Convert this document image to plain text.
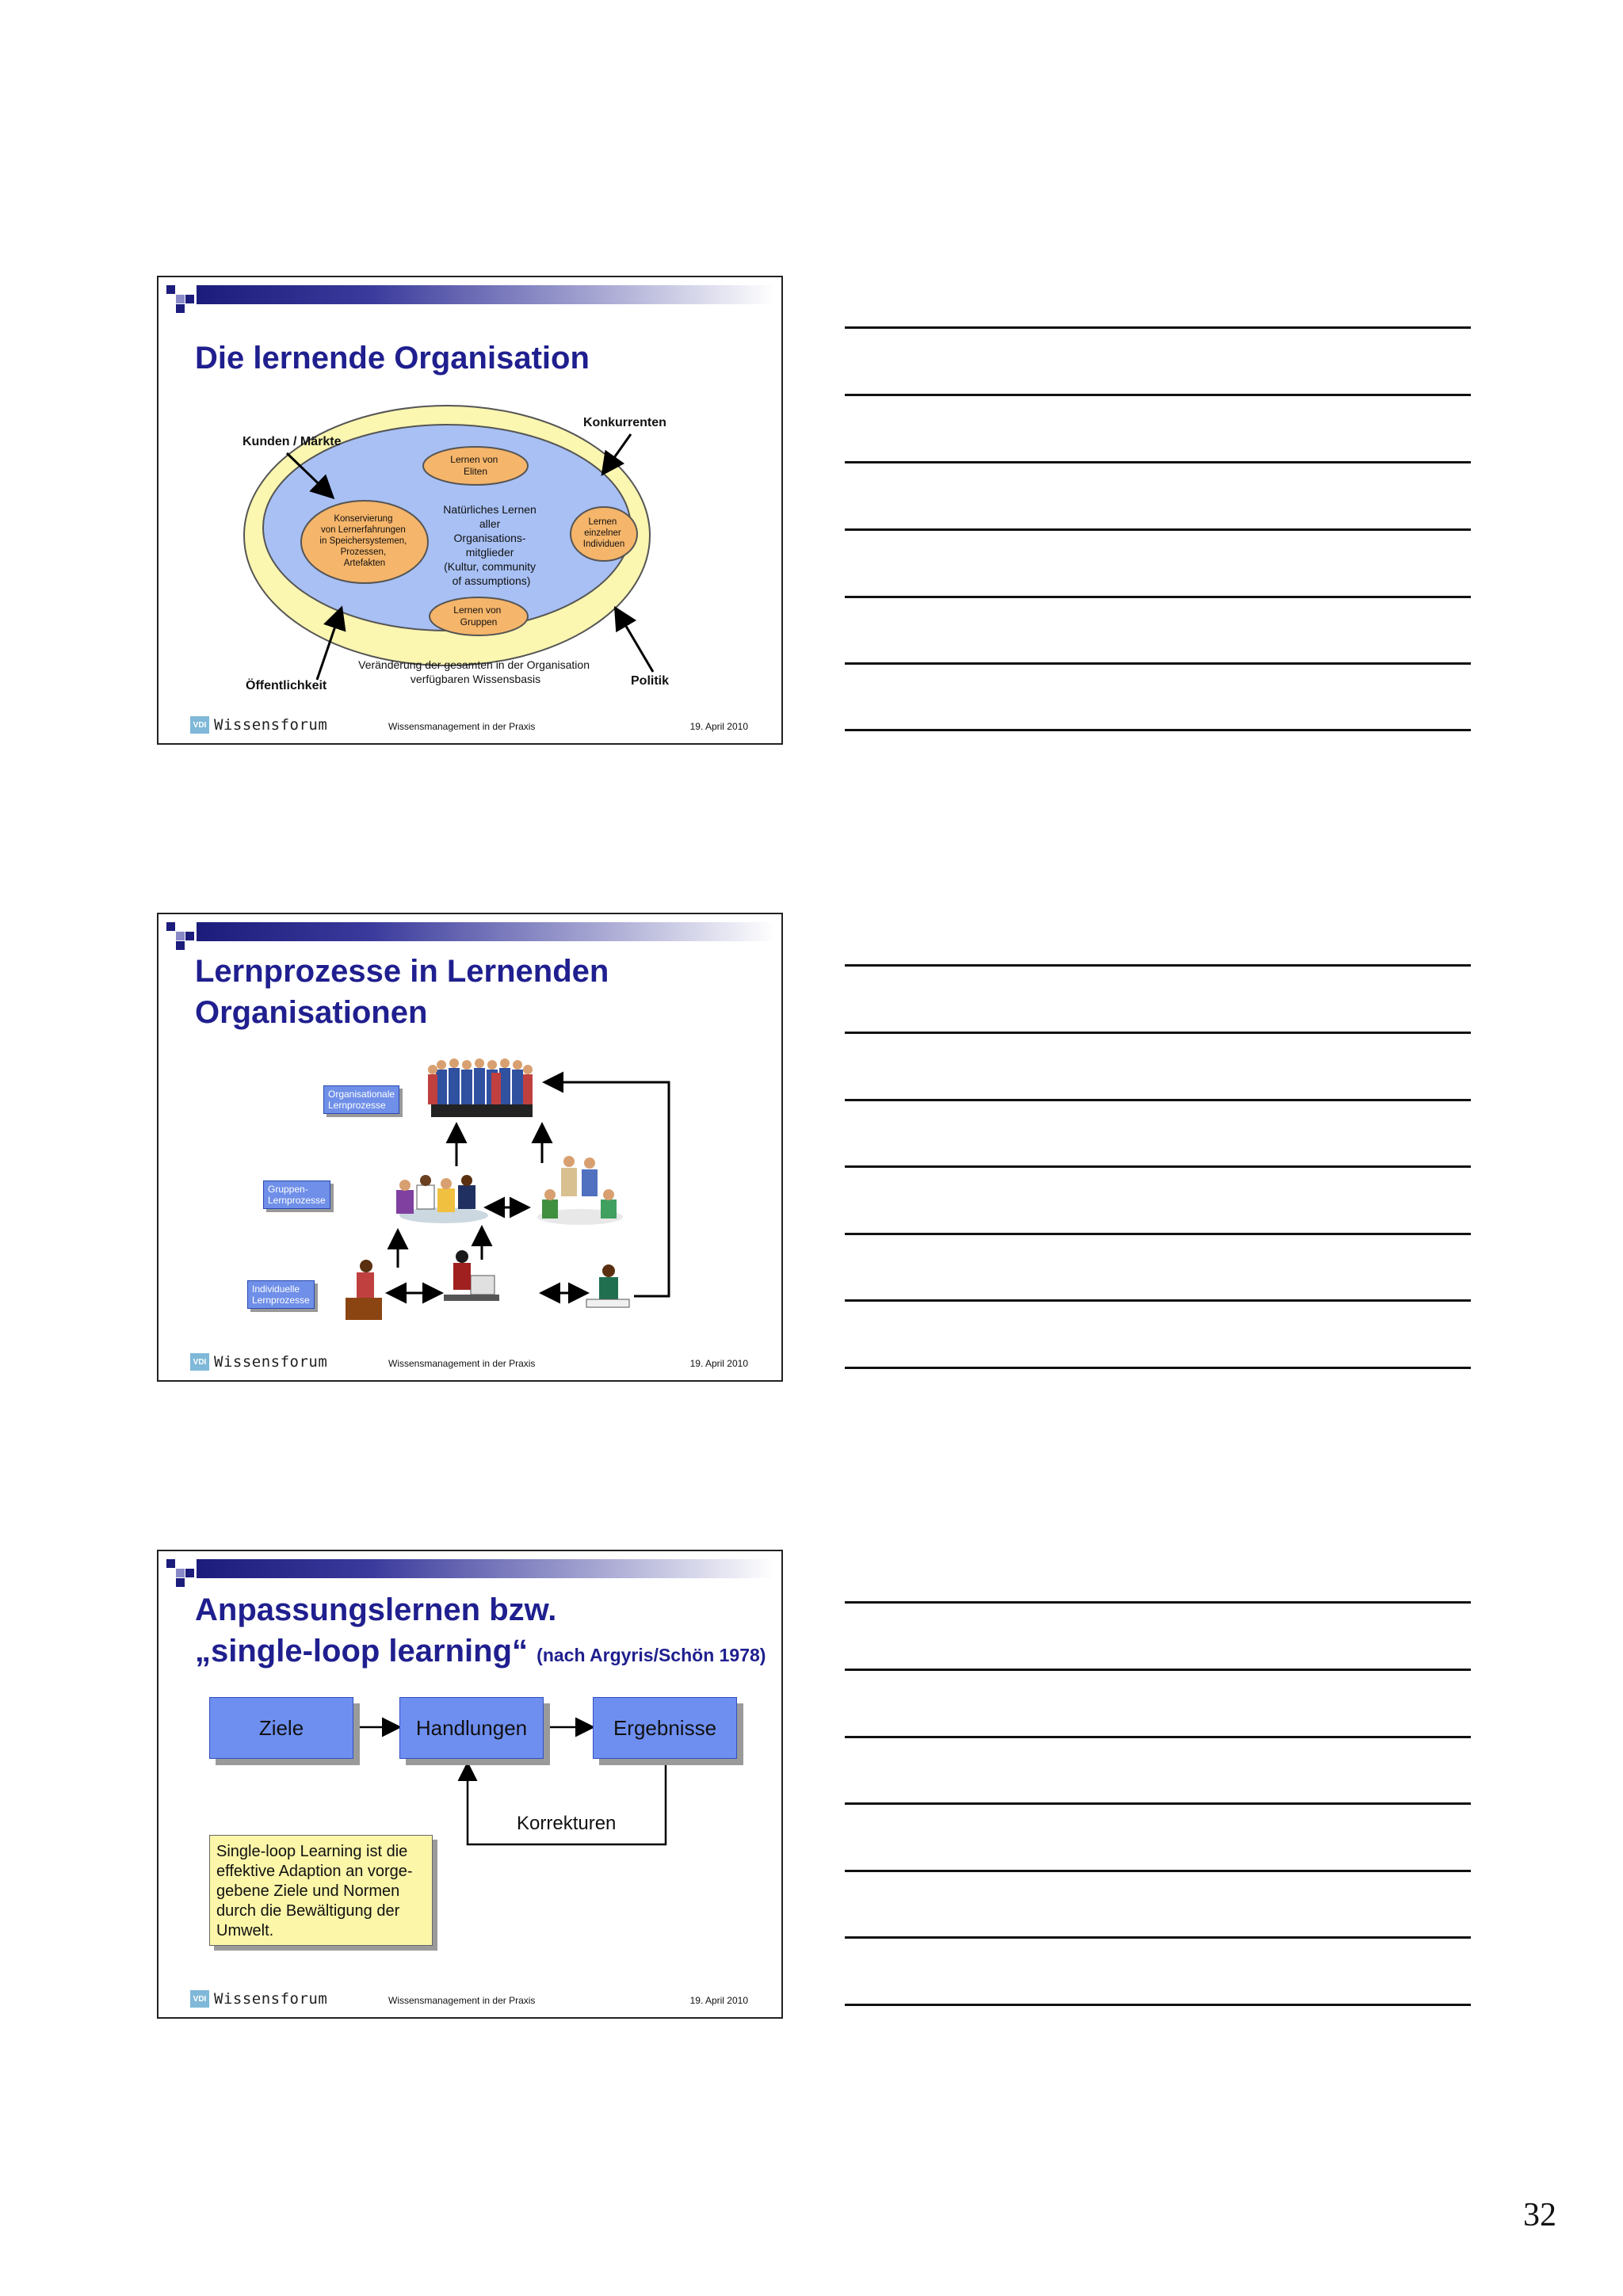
Die lernende Organisation
Lernen von Eliten
Konservierung von Lernerfahrungen in Speichersystemen, Prozessen, Artefakten
Lernen einzelner Individuen
Lernen von Gruppen
Natürliches Lernen aller Organisations- mitglieder (Kultur, community of assumptions)
Veränderung der gesamten in der Organisation verfügbaren Wissensbasis
Kunden / Märkte
Konkurrenten
Öffentlichkeit	Politik
VDI Wissensforum	Wissensmanagement in der Praxis	19. April 2010
Lernprozesse in Lernenden
Organisationen
Organisationale
Lernprozesse
Gruppen-
Lernprozesse
Individuelle
Lernprozesse
VDI Wissensforum	Wissensmanagement in der Praxis	19. April 2010
Anpassungslernen bzw.
„single-loop learning“ (nach Argyris/Schön 1978)
Ziele	Handlungen	Ergebnisse
Korrekturen
Single-loop Learning ist die
effektive Adaption an vorge-
gebene Ziele und Normen
durch die Bewältigung der
Umwelt.
VDI Wissensforum	Wissensmanagement in der Praxis	19. April 2010
32
